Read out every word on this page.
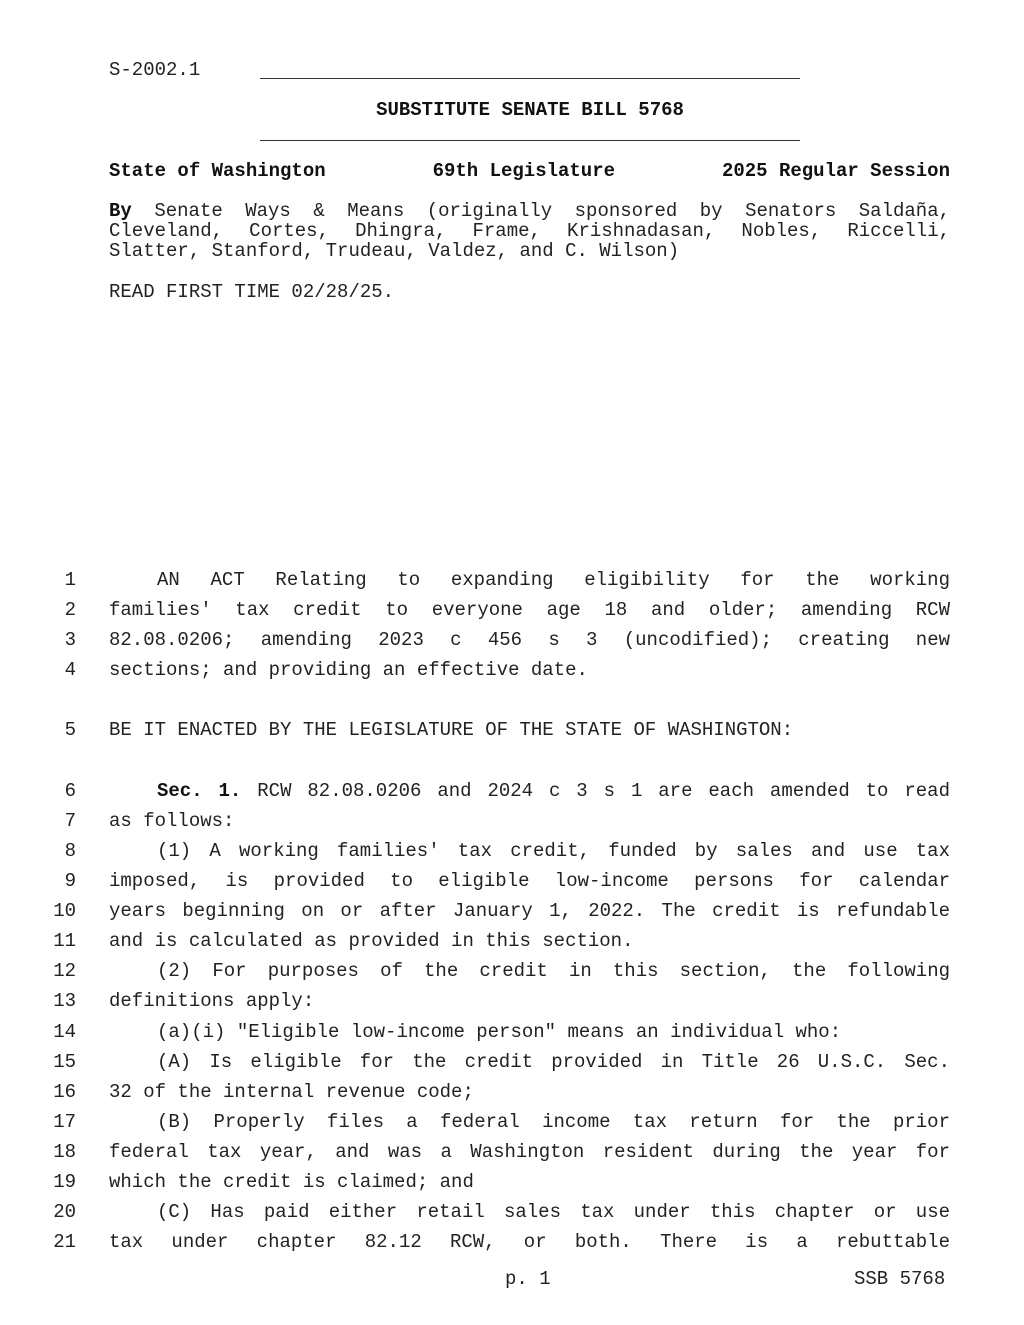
S-2002.1
SUBSTITUTE SENATE BILL 5768
State of Washington	69th Legislature	2025 Regular Session
By Senate Ways & Means (originally sponsored by Senators Saldaña,
Cleveland, Cortes, Dhingra, Frame, Krishnadasan, Nobles, Riccelli,
Slatter, Stanford, Trudeau, Valdez, and C. Wilson)
READ FIRST TIME 02/28/25.
1	AN ACT Relating to expanding eligibility for the working
2 families' tax credit to everyone age 18 and older; amending RCW
3 82.08.0206; amending 2023 c 456 s 3 (uncodified); creating new
4 sections; and providing an effective date.
5 BE IT ENACTED BY THE LEGISLATURE OF THE STATE OF WASHINGTON:
6	Sec. 1. RCW 82.08.0206 and 2024 c 3 s 1 are each amended to read
7 as follows:
8	(1) A working families' tax credit, funded by sales and use tax
9 imposed, is provided to eligible low-income persons for calendar
10 years beginning on or after January 1, 2022. The credit is refundable
11 and is calculated as provided in this section.
12	(2) For purposes of the credit in this section, the following
13 definitions apply:
14	(a)(i) "Eligible low-income person" means an individual who:
15	(A) Is eligible for the credit provided in Title 26 U.S.C. Sec.
16 32 of the internal revenue code;
17	(B) Properly files a federal income tax return for the prior
18 federal tax year, and was a Washington resident during the year for
19 which the credit is claimed; and
20	(C) Has paid either retail sales tax under this chapter or use
21 tax under chapter 82.12 RCW, or both. There is a rebuttable
p. 1	SSB 5768
